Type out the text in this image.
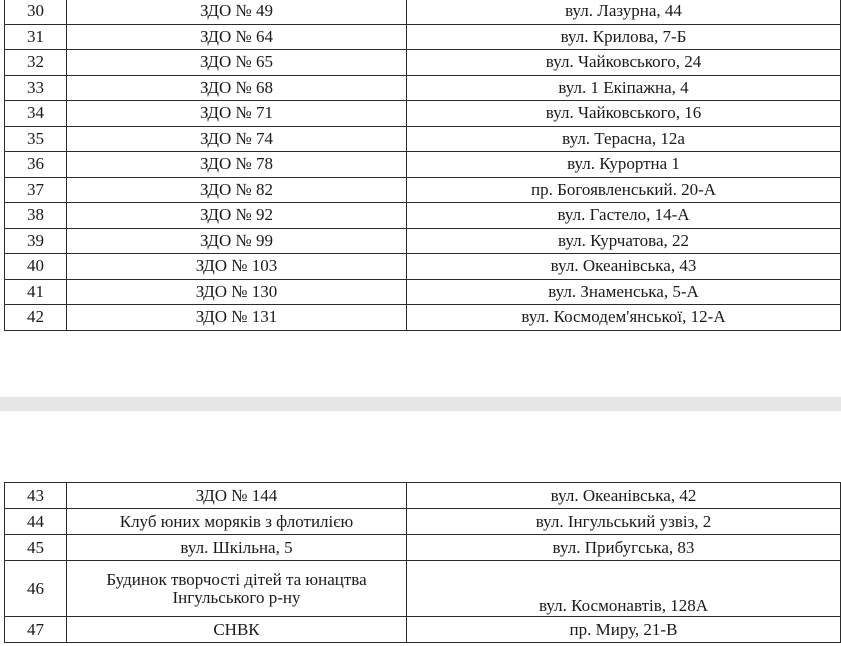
30	ЗДО № 49	вул. Лазурна, 44
31	ЗДО № 64	вул. Крилова, 7-Б
32	ЗДО № 65	вул. Чайковського, 24
33	ЗДО № 68	вул. 1 Екіпажна, 4
34	ЗДО № 71	вул. Чайковського, 16
35	ЗДО № 74	вул. Терасна, 12а
36	ЗДО № 78	вул. Курортна 1
37	ЗДО № 82	пр. Богоявленський. 20-А
38	ЗДО № 92	вул. Гастело, 14-А
39	ЗДО № 99	вул. Курчатова, 22
40	ЗДО № 103	вул. Океанівська, 43
41	ЗДО № 130	вул. Знаменська, 5-А
42	ЗДО № 131	вул. Космодем'янської, 12-А
43	ЗДО № 144	вул. Океанівська, 42
44	Клуб юних моряків з флотилією	вул. Інгульський узвіз, 2
45	вул. Шкільна, 5	вул. Прибугська, 83
46	Будинок творчості дітей та юнацтва Інгульського р-ну	вул. Космонавтів, 128А
47	СНВК	пр. Миру, 21-В
